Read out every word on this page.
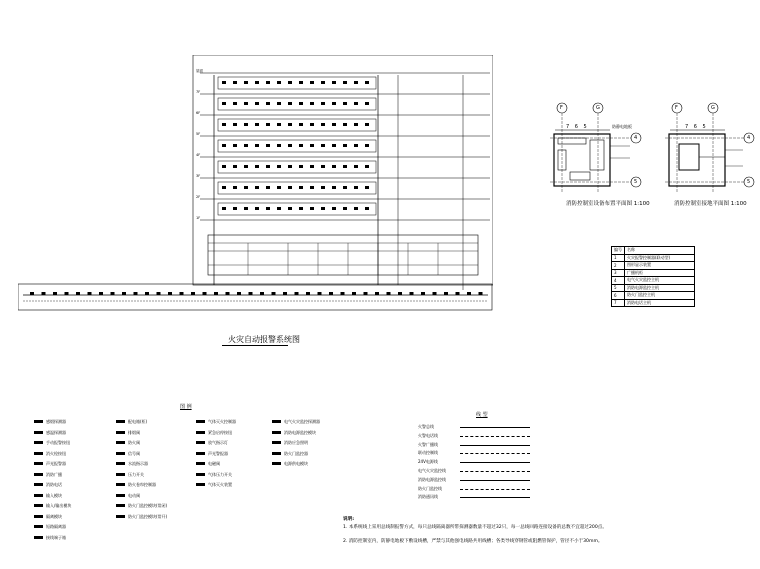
屋面
7F
6F
5F
4F
3F
2F
1F
火灾自动报警系统图
F	G
4
5
7 6 5	防静电地板
消防控制室设备布置平面图 1:100
F	G
4
5
7 6 5
消防控制室接地平面图 1:100
编号	名称
1	火灾报警控制器(联动型)
2	图形显示装置
3	广播机柜
4	电气火灾监控主机
5	消防电源监控主机
6	防火门监控主机
7	消防电话主机
图 例
感烟探测器
感温探测器
手动报警按钮
消火栓按钮
声光报警器
消防广播
消防电话
输入模块
输入/输出模块
隔离模块
短路隔离器
接线端子箱
配电箱(柜)
排烟阀
防火阀
信号阀
水流指示器
压力开关
防火卷帘控制器
电动阀
防火门监控模块(常闭)
防火门监控模块(常开)
气体灭火控制器
紧急启停按钮
放气指示灯
声光警报器
电磁阀
气体压力开关
气体灭火装置
电气火灾监控探测器
消防电源监控模块
消防应急照明
防火门监控器
电源供电模块
线 型
火警总线
火警电话线
火警广播线
联动控制线
24V电源线
电气火灾监控线
消防电源监控线
防火门监控线
消防通讯线
说明:
1. 本系统线上采用总线制报警方式，每只总线隔离器所带探测器数量不超过32只，每一总线回路连接设备的总数不宜超过200点。
2. 消防控制室内，防静电地板下敷设线槽，严禁与其他强电线路共用线槽；各类导线穿钢管或阻燃管保护，管径不小于30mm。
